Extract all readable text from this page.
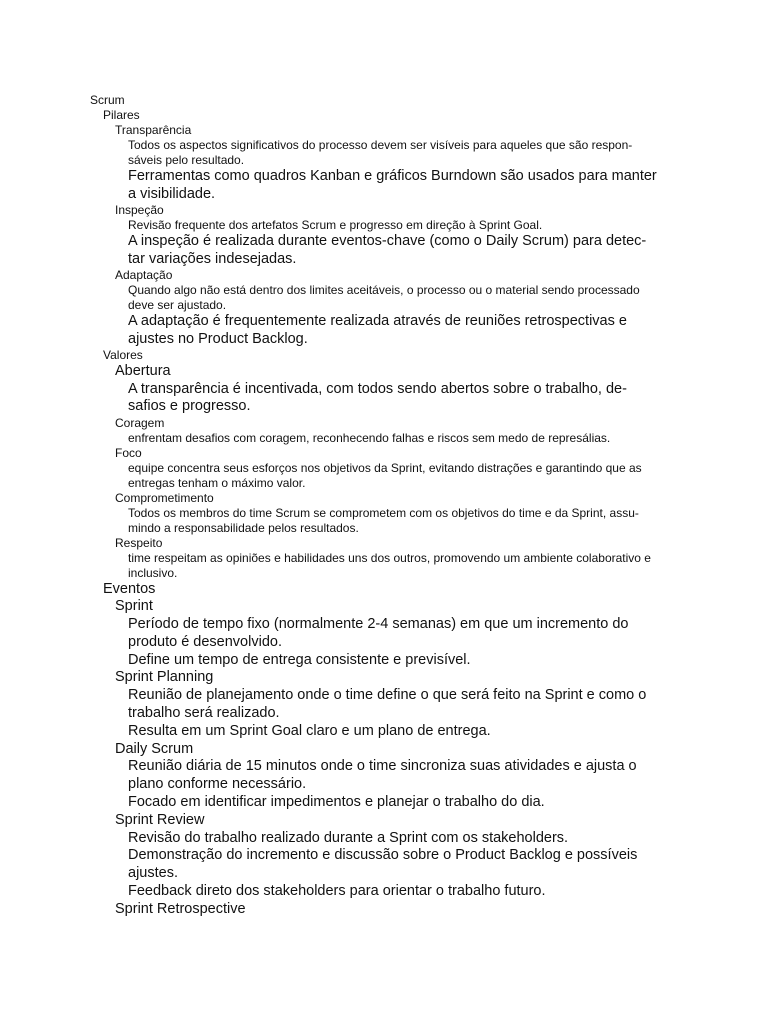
Scrum
Pilares
Transparência
Todos os aspectos significativos do processo devem ser visíveis para aqueles que são respon-
sáveis pelo resultado.
Ferramentas como quadros Kanban e gráficos Burndown são usados para manter
a visibilidade.
Inspeção
Revisão frequente dos artefatos Scrum e progresso em direção à Sprint Goal.
A inspeção é realizada durante eventos-chave (como o Daily Scrum) para detec-
tar variações indesejadas.
Adaptação
Quando algo não está dentro dos limites aceitáveis, o processo ou o material sendo processado
deve ser ajustado.
A adaptação é frequentemente realizada através de reuniões retrospectivas e
ajustes no Product Backlog.
Valores
Abertura
A transparência é incentivada, com todos sendo abertos sobre o trabalho, de-
safios e progresso.
Coragem
enfrentam desafios com coragem, reconhecendo falhas e riscos sem medo de represálias.
Foco
equipe concentra seus esforços nos objetivos da Sprint, evitando distrações e garantindo que as
entregas tenham o máximo valor.
Comprometimento
Todos os membros do time Scrum se comprometem com os objetivos do time e da Sprint, assu-
mindo a responsabilidade pelos resultados.
Respeito
time respeitam as opiniões e habilidades uns dos outros, promovendo um ambiente colaborativo e
inclusivo.
Eventos
Sprint
Período de tempo fixo (normalmente 2-4 semanas) em que um incremento do
produto é desenvolvido.
Define um tempo de entrega consistente e previsível.
Sprint Planning
Reunião de planejamento onde o time define o que será feito na Sprint e como o
trabalho será realizado.
Resulta em um Sprint Goal claro e um plano de entrega.
Daily Scrum
Reunião diária de 15 minutos onde o time sincroniza suas atividades e ajusta o
plano conforme necessário.
Focado em identificar impedimentos e planejar o trabalho do dia.
Sprint Review
Revisão do trabalho realizado durante a Sprint com os stakeholders.
Demonstração do incremento e discussão sobre o Product Backlog e possíveis
ajustes.
Feedback direto dos stakeholders para orientar o trabalho futuro.
Sprint Retrospective
